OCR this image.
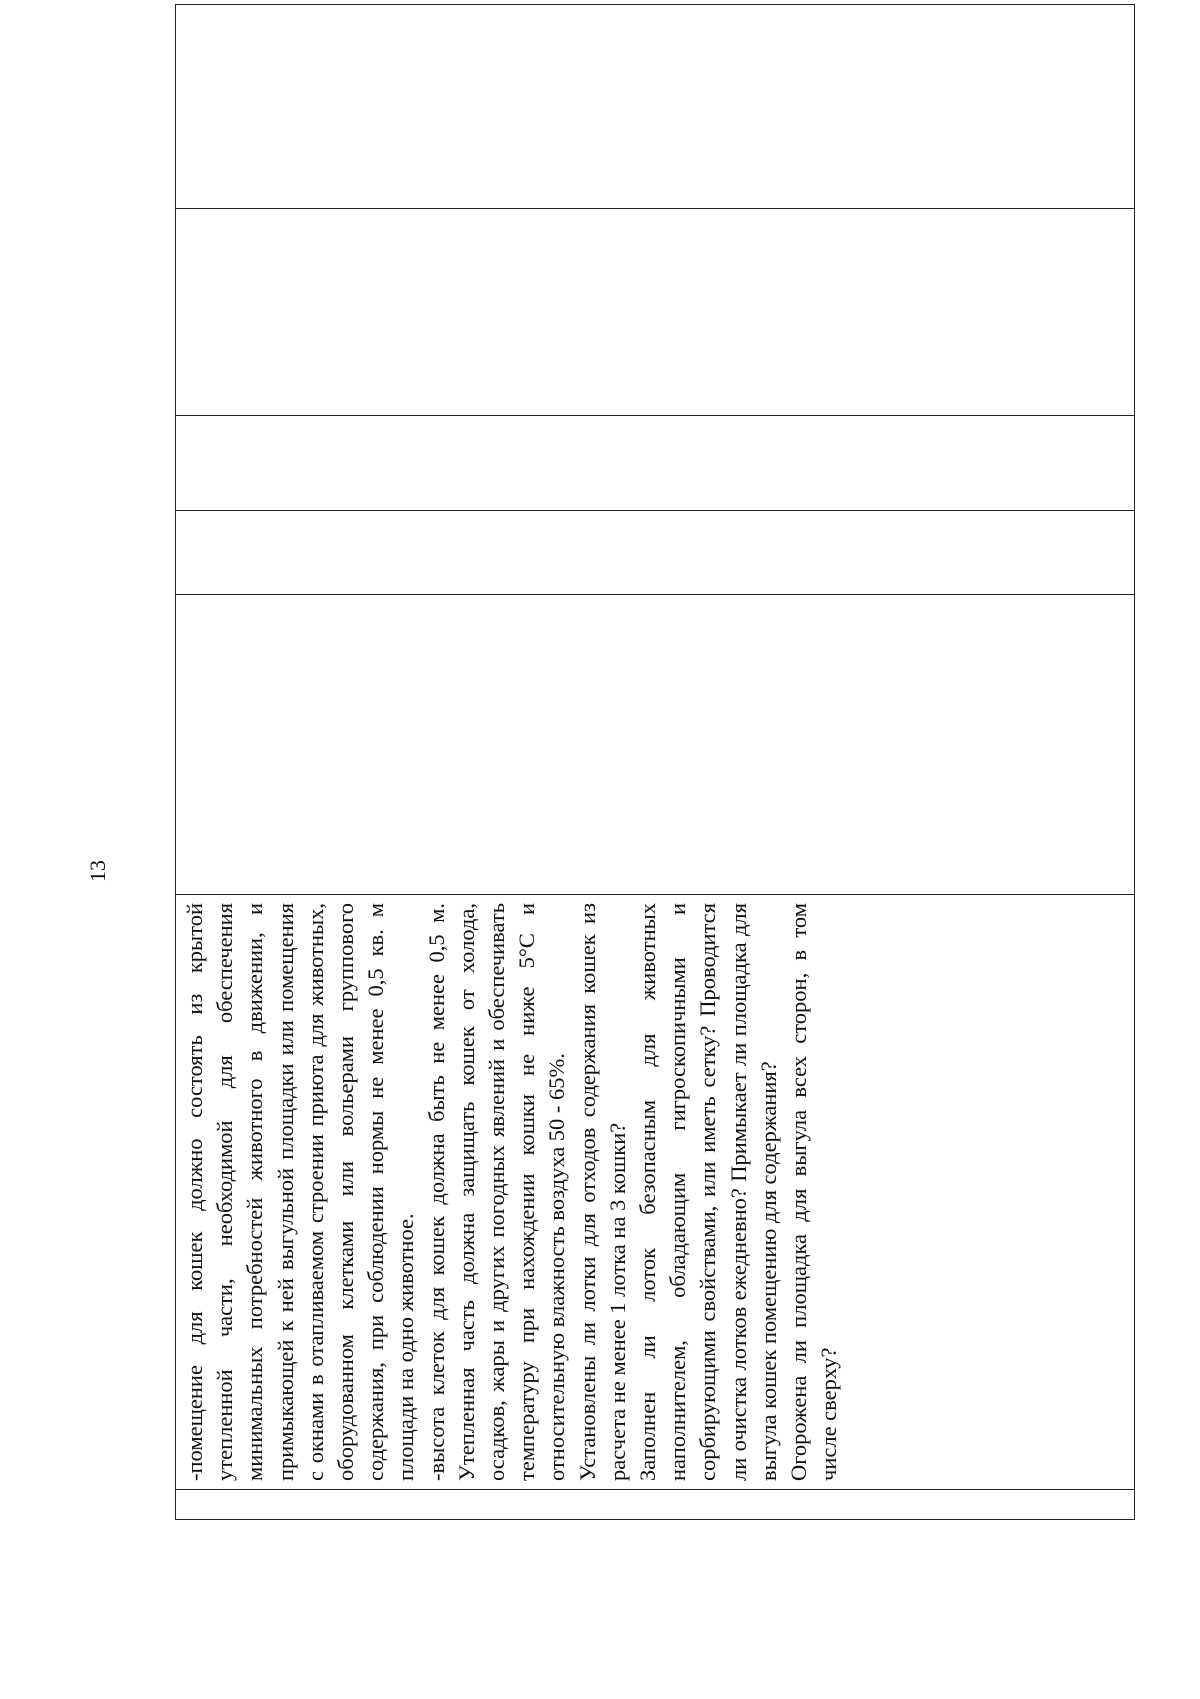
13

-помещение для кошек должно состоять из крытой утепленной части, необходимой для обеспечения минимальных потребностей животного в движении, и примыкающей к ней выгульной площадки или помещения с окнами в отапливаемом строении приюта для животных, оборудованном клетками или вольерами группового содержания, при соблюдении нормы не менее 0,5 кв. м площади на одно животное. -высота клеток для кошек должна быть не менее 0,5 м. Утепленная часть должна защищать кошек от холода, осадков, жары и других погодных явлений и обеспечивать температуру при нахождении кошки не ниже 5°С и относительную влажность воздуха 50 - 65%. Установлены ли лотки для отходов содержания кошек из расчета не менее 1 лотка на 3 кошки? Заполнен ли лоток безопасным для животных наполнителем, обладающим гигроскопичными и сорбирующими свойствами, или иметь сетку? Проводится ли очистка лотков ежедневно? Примыкает ли площадка для выгула кошек помещению для содержания? Огорожена ли площадка для выгула всех сторон, в том числе сверху?
